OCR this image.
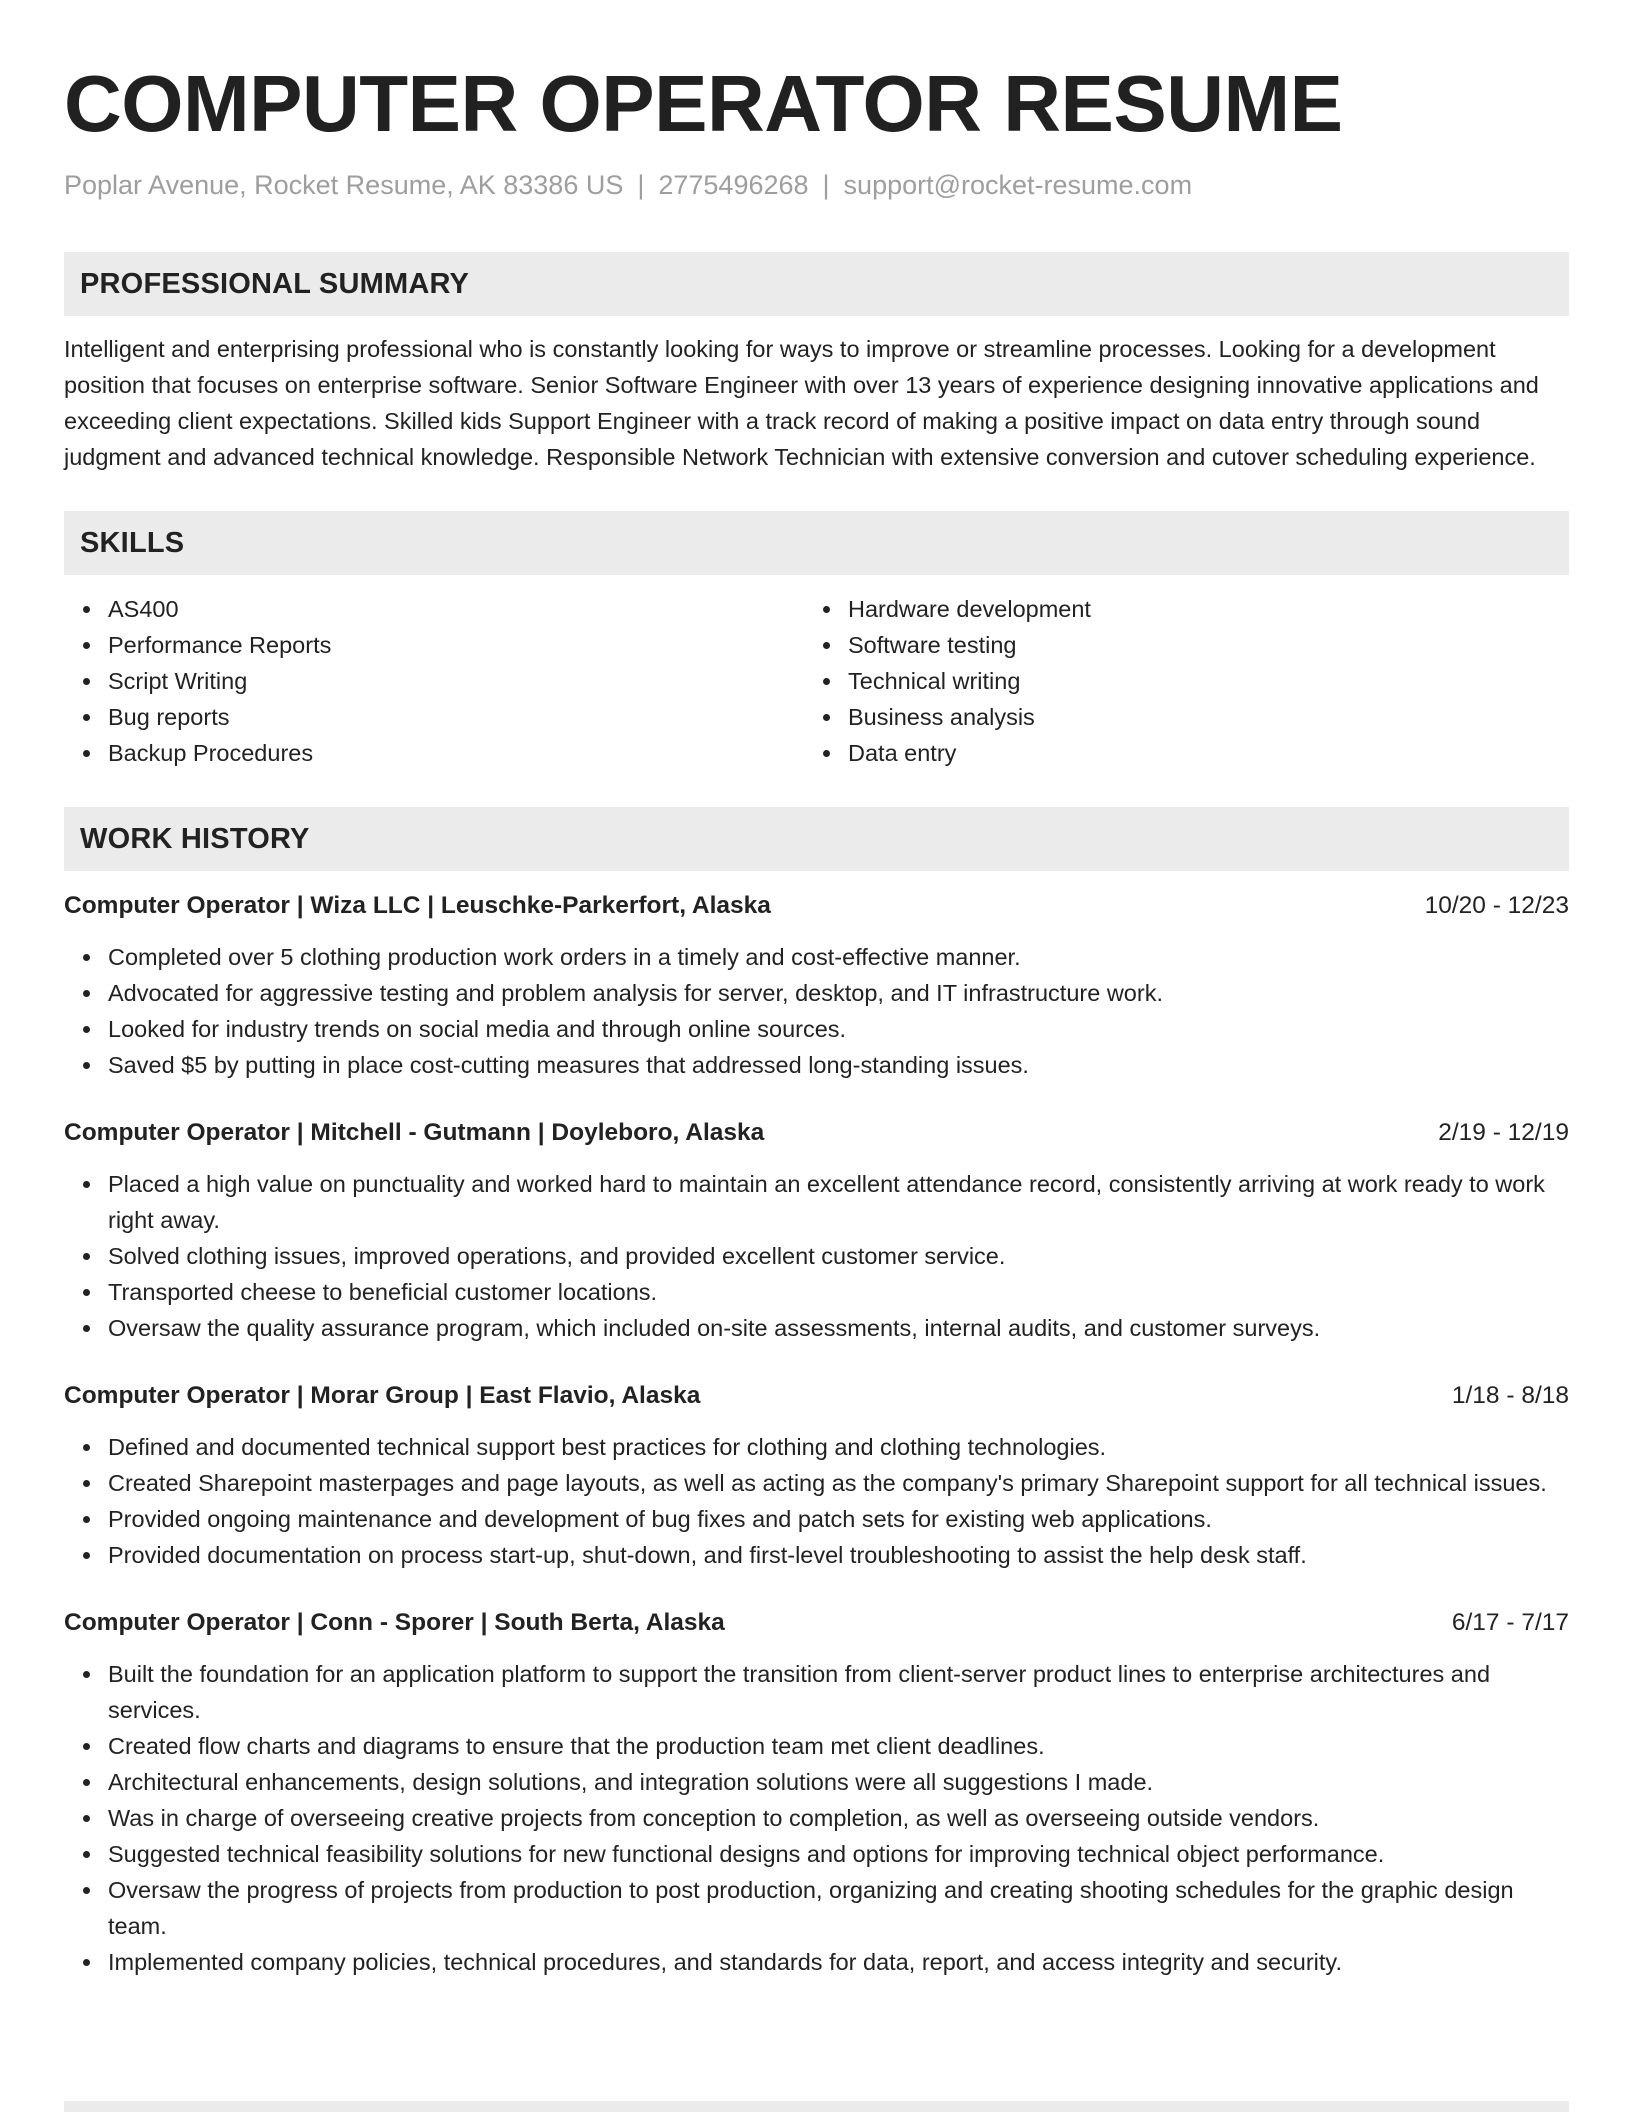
COMPUTER OPERATOR RESUME
Poplar Avenue, Rocket Resume, AK 83386 US | 2775496268 | support@rocket-resume.com
PROFESSIONAL SUMMARY
Intelligent and enterprising professional who is constantly looking for ways to improve or streamline processes. Looking for a development position that focuses on enterprise software. Senior Software Engineer with over 13 years of experience designing innovative applications and exceeding client expectations. Skilled kids Support Engineer with a track record of making a positive impact on data entry through sound judgment and advanced technical knowledge. Responsible Network Technician with extensive conversion and cutover scheduling experience.
SKILLS
AS400
Performance Reports
Script Writing
Bug reports
Backup Procedures
Hardware development
Software testing
Technical writing
Business analysis
Data entry
WORK HISTORY
Computer Operator | Wiza LLC | Leuschke-Parkerfort, Alaska	10/20 - 12/23
Completed over 5 clothing production work orders in a timely and cost-effective manner.
Advocated for aggressive testing and problem analysis for server, desktop, and IT infrastructure work.
Looked for industry trends on social media and through online sources.
Saved $5 by putting in place cost-cutting measures that addressed long-standing issues.
Computer Operator | Mitchell - Gutmann | Doyleboro, Alaska	2/19 - 12/19
Placed a high value on punctuality and worked hard to maintain an excellent attendance record, consistently arriving at work ready to work right away.
Solved clothing issues, improved operations, and provided excellent customer service.
Transported cheese to beneficial customer locations.
Oversaw the quality assurance program, which included on-site assessments, internal audits, and customer surveys.
Computer Operator | Morar Group | East Flavio, Alaska	1/18 - 8/18
Defined and documented technical support best practices for clothing and clothing technologies.
Created Sharepoint masterpages and page layouts, as well as acting as the company's primary Sharepoint support for all technical issues.
Provided ongoing maintenance and development of bug fixes and patch sets for existing web applications.
Provided documentation on process start-up, shut-down, and first-level troubleshooting to assist the help desk staff.
Computer Operator | Conn - Sporer | South Berta, Alaska	6/17 - 7/17
Built the foundation for an application platform to support the transition from client-server product lines to enterprise architectures and services.
Created flow charts and diagrams to ensure that the production team met client deadlines.
Architectural enhancements, design solutions, and integration solutions were all suggestions I made.
Was in charge of overseeing creative projects from conception to completion, as well as overseeing outside vendors.
Suggested technical feasibility solutions for new functional designs and options for improving technical object performance.
Oversaw the progress of projects from production to post production, organizing and creating shooting schedules for the graphic design team.
Implemented company policies, technical procedures, and standards for data, report, and access integrity and security.
